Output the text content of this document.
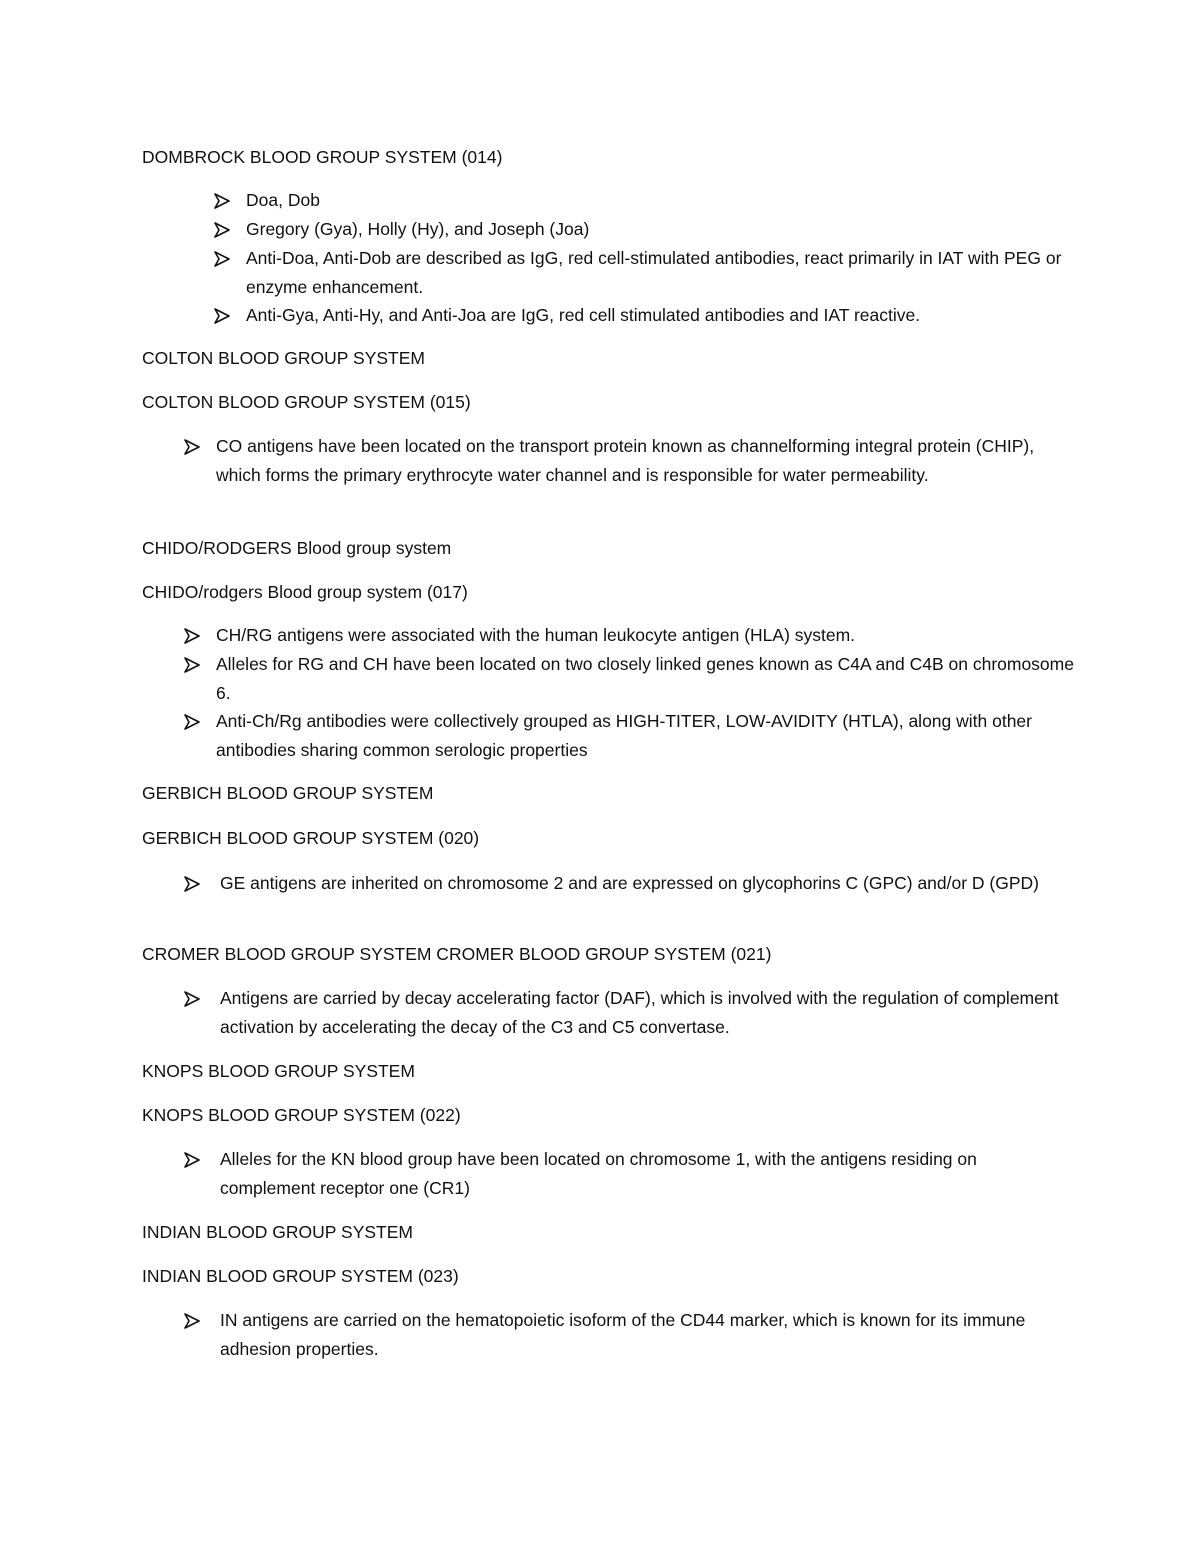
DOMBROCK BLOOD GROUP SYSTEM (014)

Doa, Dob
Gregory (Gya), Holly (Hy), and Joseph (Joa)
Anti-Doa, Anti-Dob are described as IgG, red cell-stimulated antibodies, react primarily in IAT with PEG or enzyme enhancement.
Anti-Gya, Anti-Hy, and Anti-Joa are IgG, red cell stimulated antibodies and IAT reactive.

COLTON BLOOD GROUP SYSTEM

COLTON BLOOD GROUP SYSTEM (015)

CO antigens have been located on the transport protein known as channelforming integral protein (CHIP), which forms the primary erythrocyte water channel and is responsible for water permeability.

CHIDO/RODGERS Blood group system

CHIDO/rodgers Blood group system (017)

CH/RG antigens were associated with the human leukocyte antigen (HLA) system.
Alleles for RG and CH have been located on two closely linked genes known as C4A and C4B on chromosome 6.
Anti-Ch/Rg antibodies were collectively grouped as HIGH-TITER, LOW-AVIDITY (HTLA), along with other antibodies sharing common serologic properties

GERBICH BLOOD GROUP SYSTEM

GERBICH BLOOD GROUP SYSTEM (020)

GE antigens are inherited on chromosome 2 and are expressed on glycophorins C (GPC) and/or D (GPD)

CROMER BLOOD GROUP SYSTEM CROMER BLOOD GROUP SYSTEM (021)

Antigens are carried by decay accelerating factor (DAF), which is involved with the regulation of complement activation by accelerating the decay of the C3 and C5 convertase.

KNOPS BLOOD GROUP SYSTEM

KNOPS BLOOD GROUP SYSTEM (022)

Alleles for the KN blood group have been located on chromosome 1, with the antigens residing on complement receptor one (CR1)

INDIAN BLOOD GROUP SYSTEM

INDIAN BLOOD GROUP SYSTEM (023)

IN antigens are carried on the hematopoietic isoform of the CD44 marker, which is known for its immune adhesion properties.
